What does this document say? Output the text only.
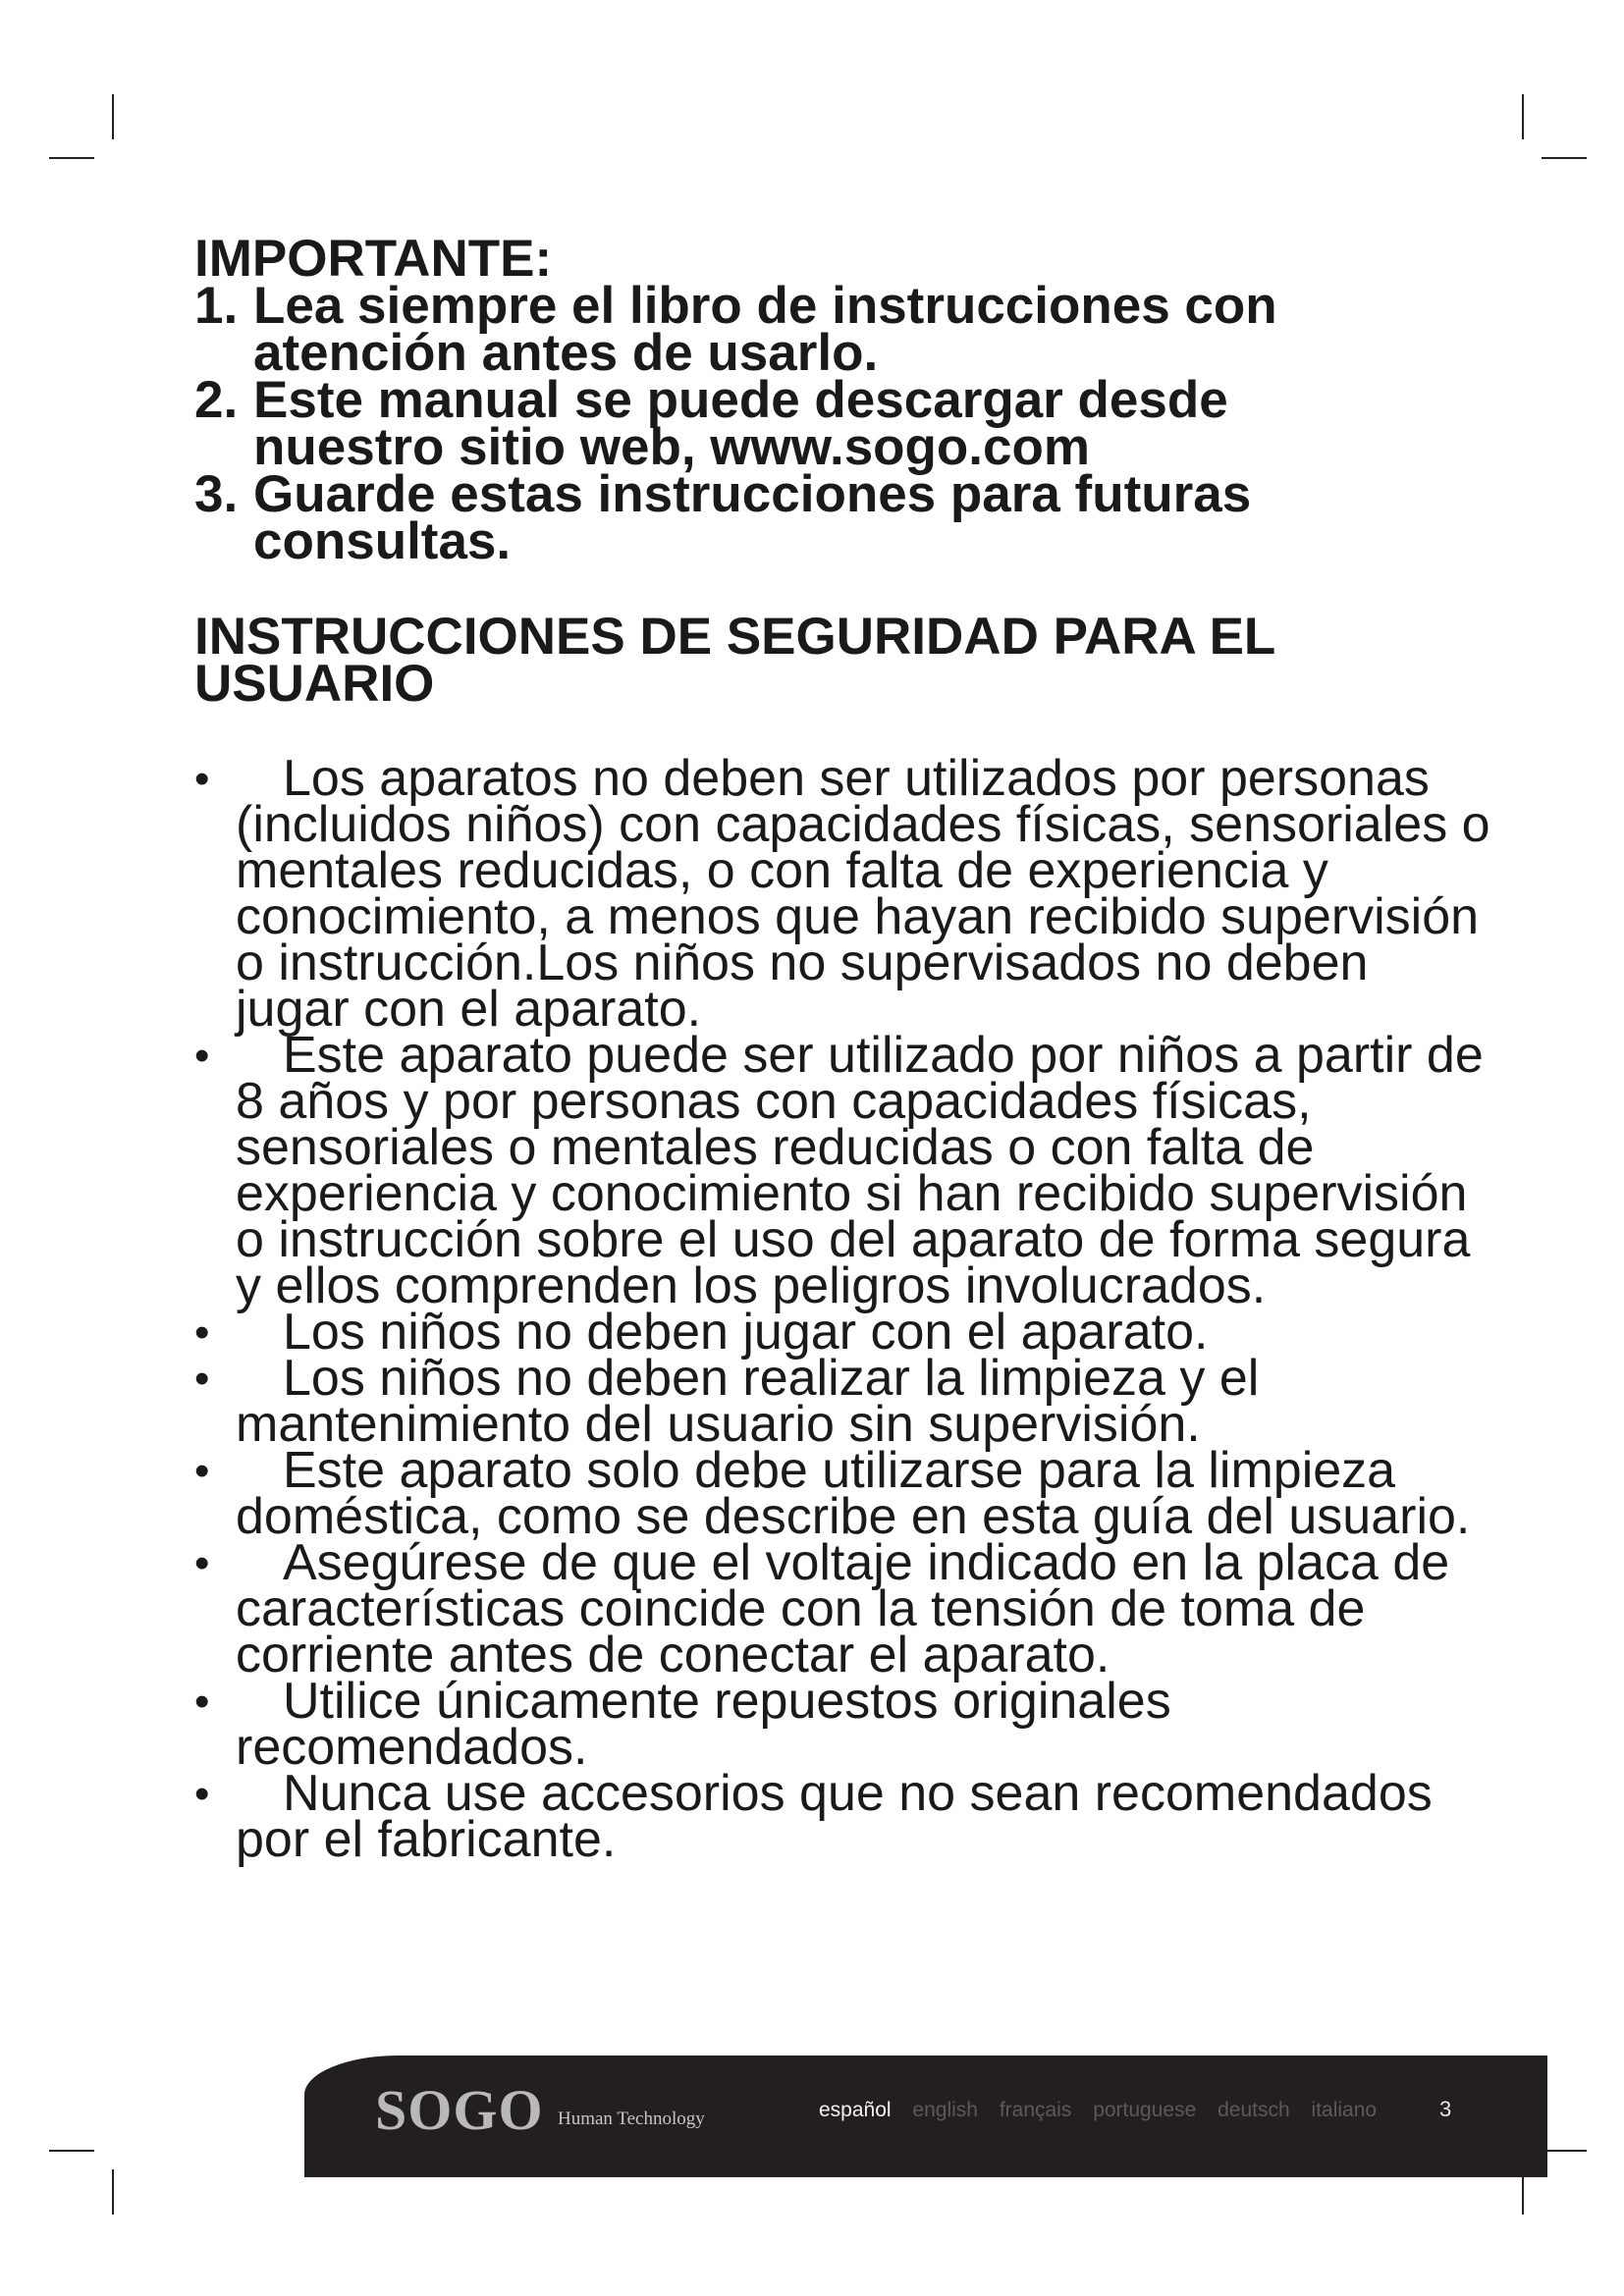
IMPORTANTE:

1. Lea siempre el libro de instrucciones con atención antes de usarlo.
2. Este manual se puede descargar desde nuestro sitio web, www.sogo.com
3. Guarde estas instrucciones para futuras consultas.
INSTRUCCIONES DE SEGURIDAD PARA EL USUARIO
•	Los aparatos no deben ser utilizados por personas (incluidos niños) con capacidades físicas, sensoriales o mentales reducidas, o con falta de experiencia y conocimiento, a menos que hayan recibido supervisión o instrucción.Los niños no supervisados no deben jugar con el aparato.
•	Este aparato puede ser utilizado por niños a partir de 8 años y por personas con capacidades físicas, sensoriales o mentales reducidas o con falta de experiencia y conocimiento si han recibido supervisión o instrucción sobre el uso del aparato de forma segura y ellos comprenden los peligros involucrados.
•	Los niños no deben jugar con el aparato.
•	Los niños no deben realizar la limpieza y el mantenimiento del usuario sin supervisión.
•	Este aparato solo debe utilizarse para la limpieza doméstica, como se describe en esta guía del usuario.
•	Asegúrese de que el voltaje indicado en la placa de características coincide con la tensión de toma de corriente antes de conectar el aparato.
•	Utilice únicamente repuestos originales recomendados.
•	Nunca use accesorios que no sean recomendados por el fabricante.
SOGO Human Technology	español english français portuguese deutsch italiano	3
